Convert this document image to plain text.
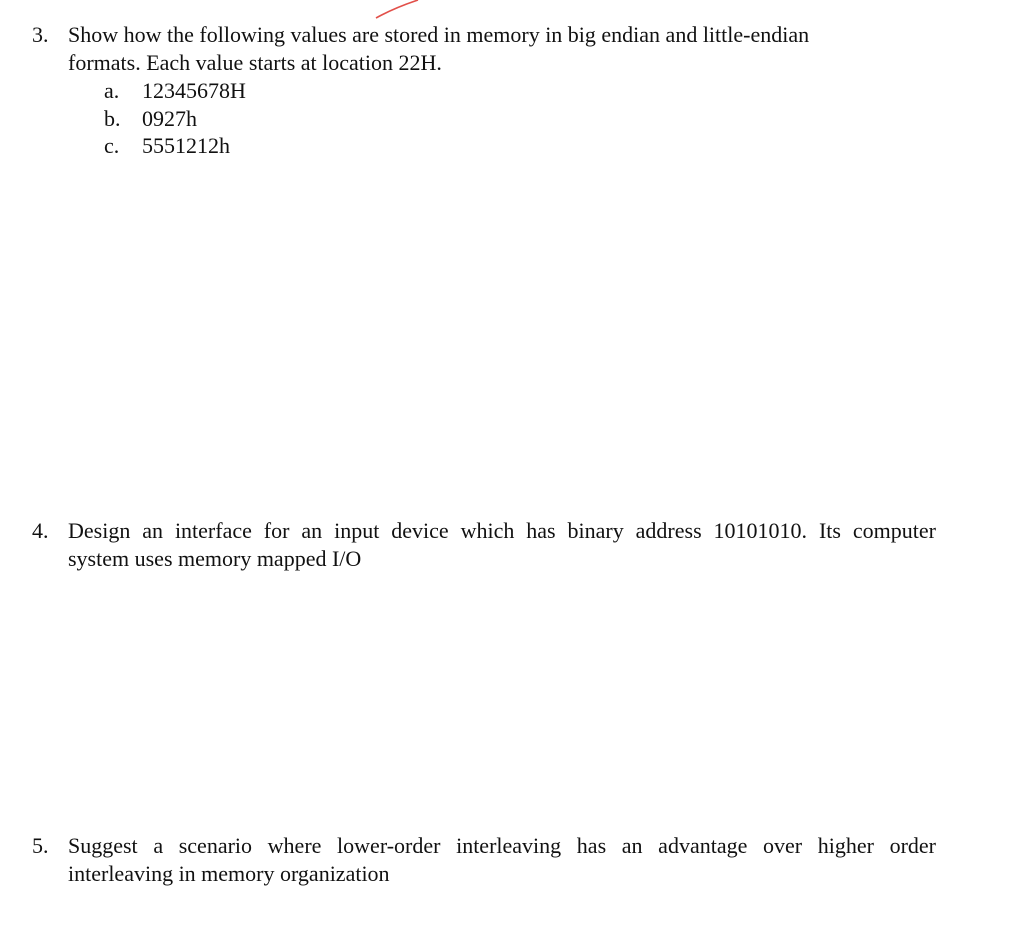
3. Show how the following values are stored in memory in big endian and little-endian
formats. Each value starts at location 22H.
a. 12345678H
b. 0927h
c. 5551212h
4. Design an interface for an input device which has binary address 10101010. Its computer
system uses memory mapped I/O
5. Suggest a scenario where lower-order interleaving has an advantage over higher order
interleaving in memory organization
